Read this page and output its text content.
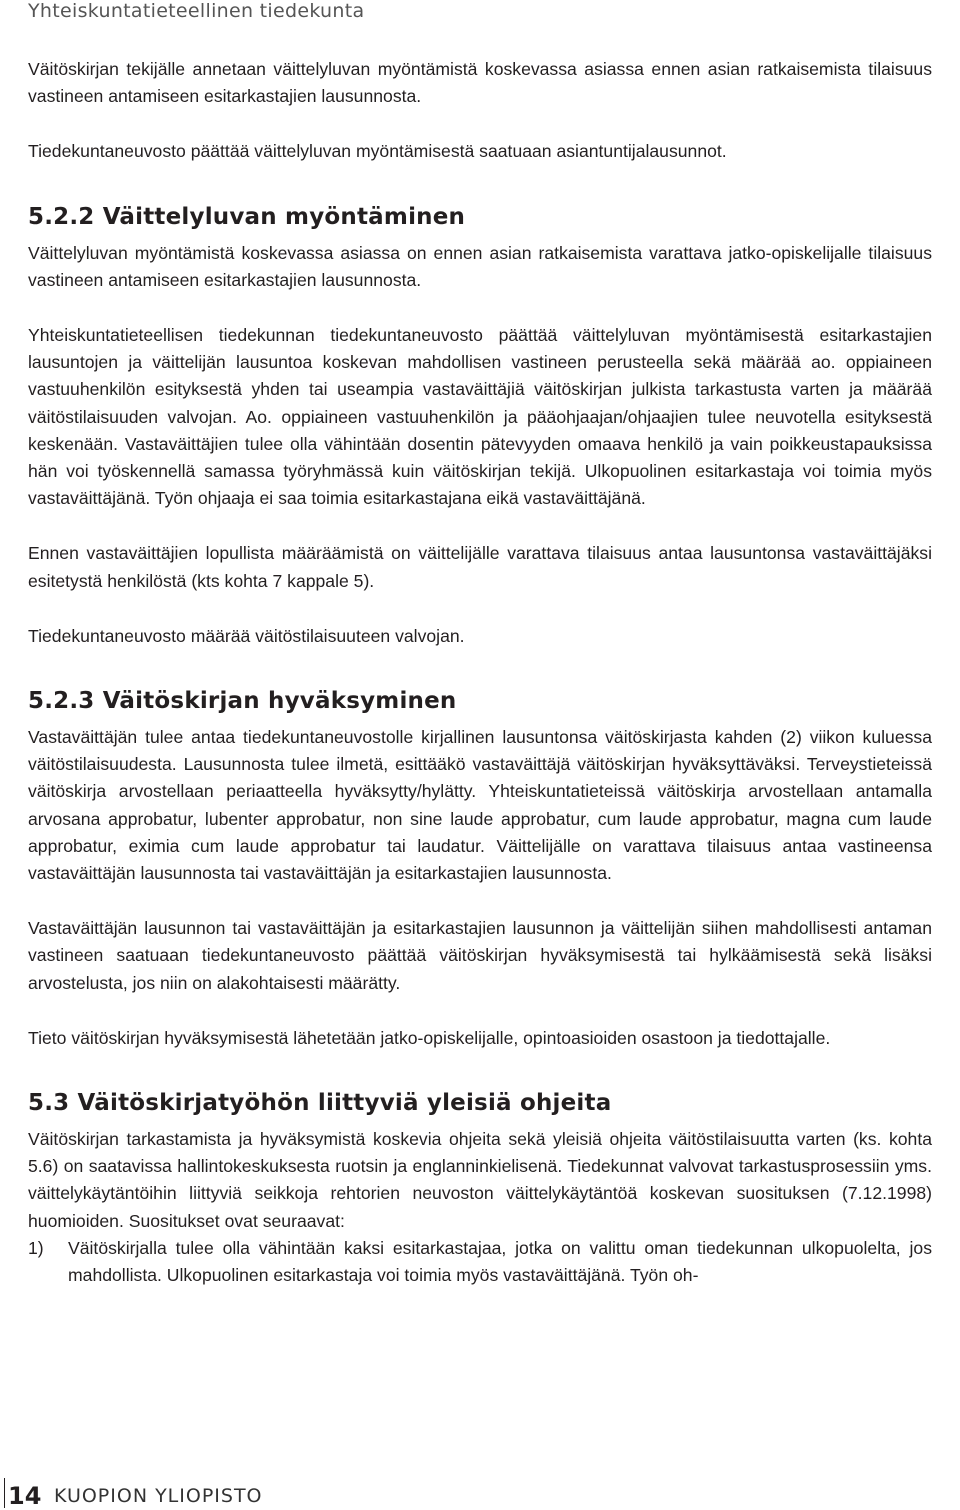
Yhteiskuntatieteellinen tiedekunta

Väitöskirjan tekijälle annetaan väittelyluvan myöntämistä koskevassa asiassa ennen asian ratkaisemista tilaisuus vastineen antamiseen esitarkastajien lausunnosta.

Tiedekuntaneuvosto päättää väittelyluvan myöntämisestä saatuaan asiantuntijalausunnot.

5.2.2 Väittelyluvan myöntäminen

Väittelyluvan myöntämistä koskevassa asiassa on ennen asian ratkaisemista varattava jatko-opiskelijalle tilaisuus vastineen antamiseen esitarkastajien lausunnosta.

Yhteiskuntatieteellisen tiedekunnan tiedekuntaneuvosto päättää väittelyluvan myöntämisestä esitarkastajien lausuntojen ja väittelijän lausuntoa koskevan mahdollisen vastineen perusteella sekä määrää ao. oppiaineen vastuuhenkilön esityksestä yhden tai useampia vastaväittäjiä väitöskirjan julkista tarkastusta varten ja määrää väitöstilaisuuden valvojan. Ao. oppiaineen vastuuhenkilön ja pääohjaajan/ohjaajien tulee neuvotella esityksestä keskenään. Vastaväittäjien tulee olla vähintään dosentin pätevyyden omaava henkilö ja vain poikkeustapauksissa hän voi työskennellä samassa työryhmässä kuin väitöskirjan tekijä. Ulkopuolinen esitarkastaja voi toimia myös vastaväittäjänä. Työn ohjaaja ei saa toimia esitarkastajana eikä vastaväittäjänä.

Ennen vastaväittäjien lopullista määräämistä on väittelijälle varattava tilaisuus antaa lausuntonsa vastaväittäjäksi esitetystä henkilöstä (kts kohta 7 kappale 5).

Tiedekuntaneuvosto määrää väitöstilaisuuteen valvojan.

5.2.3 Väitöskirjan hyväksyminen

Vastaväittäjän tulee antaa tiedekuntaneuvostolle kirjallinen lausuntonsa väitöskirjasta kahden (2) viikon kuluessa väitöstilaisuudesta. Lausunnosta tulee ilmetä, esittääkö vastaväittäjä väitöskirjan hyväksyttäväksi. Terveystieteissä väitöskirja arvostellaan periaatteella hyväksytty/hylätty. Yhteiskuntatieteissä väitöskirja arvostellaan antamalla arvosana approbatur, lubenter approbatur, non sine laude approbatur, cum laude approbatur, magna cum laude approbatur, eximia cum laude approbatur tai laudatur. Väittelijälle on varattava tilaisuus antaa vastineensa vastaväittäjän lausunnosta tai vastaväittäjän ja esitarkastajien lausunnosta.

Vastaväittäjän lausunnon tai vastaväittäjän ja esitarkastajien lausunnon ja väittelijän siihen mahdollisesti antaman vastineen saatuaan tiedekuntaneuvosto päättää väitöskirjan hyväksymisestä tai hylkäämisestä sekä lisäksi arvostelusta, jos niin on alakohtaisesti määrätty.

Tieto väitöskirjan hyväksymisestä lähetetään jatko-opiskelijalle, opintoasioiden osastoon ja tiedottajalle.

5.3 Väitöskirjatyöhön liittyviä yleisiä ohjeita

Väitöskirjan tarkastamista ja hyväksymistä koskevia ohjeita sekä yleisiä ohjeita väitöstilaisuutta varten (ks. kohta 5.6) on saatavissa hallintokeskuksesta ruotsin ja englanninkielisenä. Tiedekunnat valvovat tarkastusprosessiin yms. väittelykäytäntöihin liittyviä seikkoja rehtorien neuvoston väittelykäytäntöä koskevan suosituksen (7.12.1998) huomioiden. Suositukset ovat seuraavat:

1) Väitöskirjalla tulee olla vähintään kaksi esitarkastajaa, jotka on valittu oman tiedekunnan ulkopuolelta, jos mahdollista. Ulkopuolinen esitarkastaja voi toimia myös vastaväittäjänä. Työn oh-
14 KUOPION YLIOPISTO
